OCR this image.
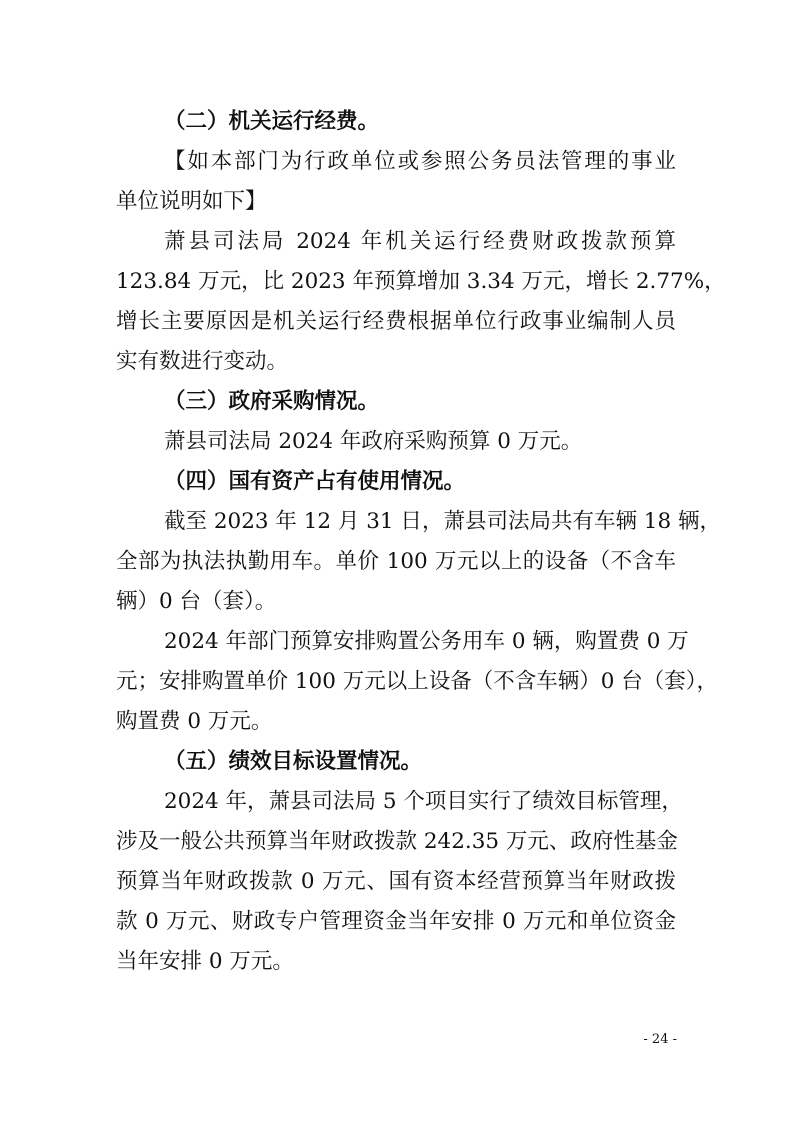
（二）机关运行经费。
【如本部门为行政单位或参照公务员法管理的事业
单位说明如下】
萧县司法局 2024 年机关运行经费财政拨款预算
123.84 万元，比 2023 年预算增加 3.34 万元，增长 2.77%，
增长主要原因是机关运行经费根据单位行政事业编制人员
实有数进行变动。
（三）政府采购情况。
萧县司法局 2024 年政府采购预算 0 万元。
（四）国有资产占有使用情况。
截至 2023 年 12 月 31 日，萧县司法局共有车辆 18 辆，
全部为执法执勤用车。单价 100 万元以上的设备（不含车
辆）0 台（套）。
2024 年部门预算安排购置公务用车 0 辆，购置费 0 万
元；安排购置单价 100 万元以上设备（不含车辆）0 台（套），
购置费 0 万元。
（五）绩效目标设置情况。
2024 年，萧县司法局 5 个项目实行了绩效目标管理，
涉及一般公共预算当年财政拨款 242.35 万元、政府性基金
预算当年财政拨款 0 万元、国有资本经营预算当年财政拨
款 0 万元、财政专户管理资金当年安排 0 万元和单位资金
当年安排 0 万元。
- 24 -
